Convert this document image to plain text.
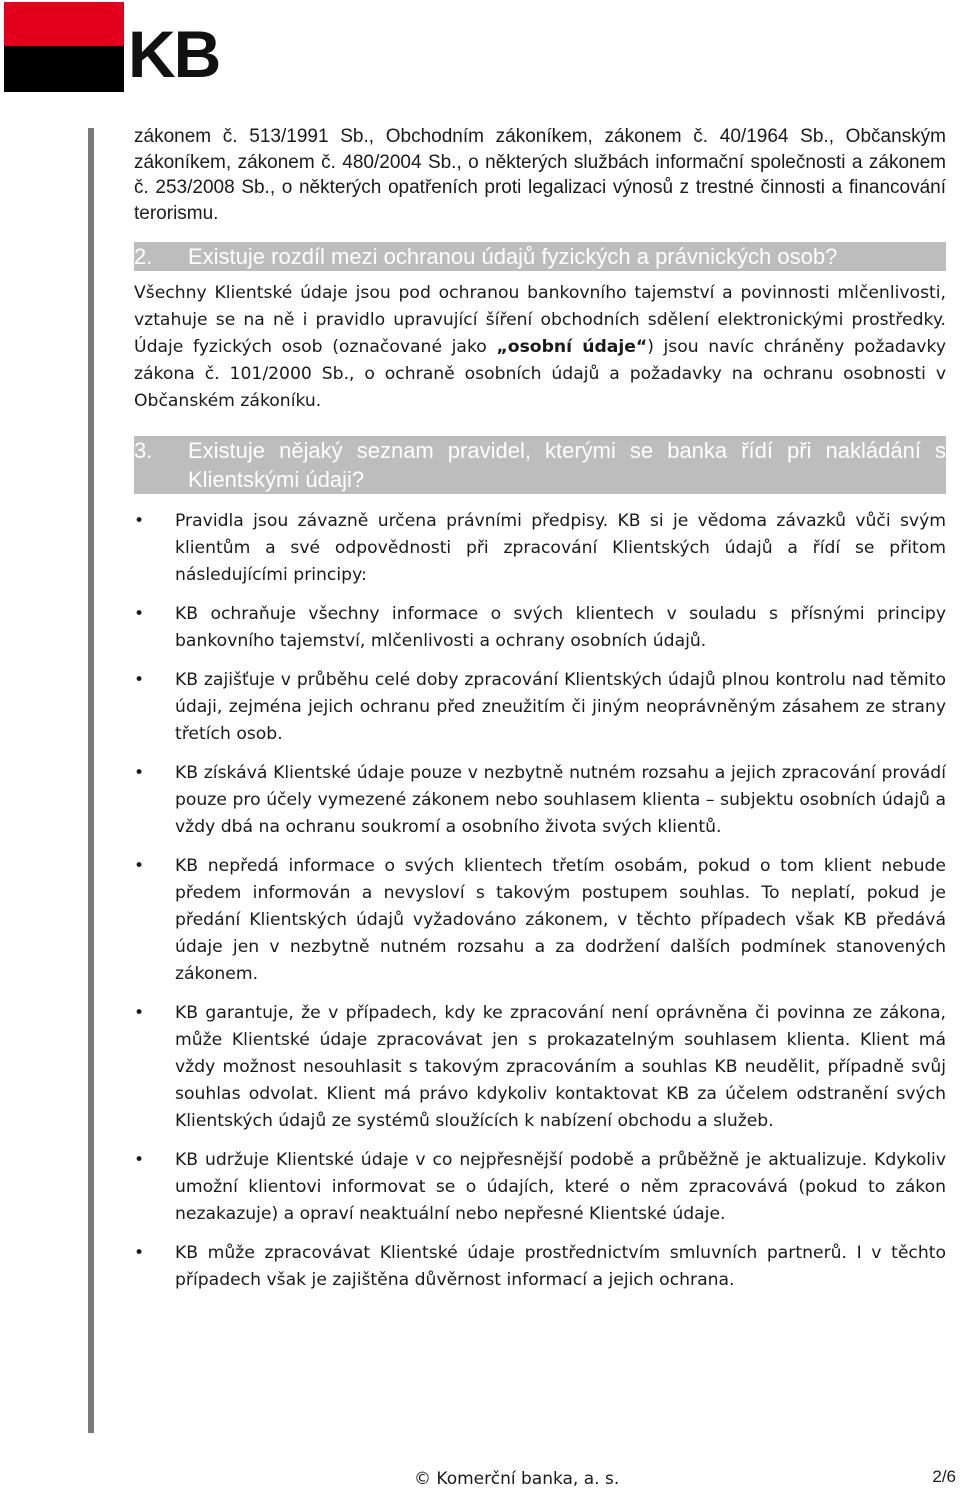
KB

zákonem č. 513/1991 Sb., Obchodním zákoníkem, zákonem č. 40/1964 Sb., Občanským zákoníkem, zákonem č. 480/2004 Sb., o některých službách informační společnosti a zákonem č. 253/2008 Sb., o některých opatřeních proti legalizaci výnosů z trestné činnosti a financování terorismu.

2. Existuje rozdíl mezi ochranou údajů fyzických a právnických osob?

Všechny Klientské údaje jsou pod ochranou bankovního tajemství a povinnosti mlčenlivosti, vztahuje se na ně i pravidlo upravující šíření obchodních sdělení elektronickými prostředky. Údaje fyzických osob (označované jako „osobní údaje“) jsou navíc chráněny požadavky zákona č. 101/2000 Sb., o ochraně osobních údajů a požadavky na ochranu osobnosti v Občanském zákoníku.

3. Existuje nějaký seznam pravidel, kterými se banka řídí při nakládání s Klientskými údaji?
•	Pravidla jsou závazně určena právními předpisy. KB si je vědoma závazků vůči svým klientům a své odpovědnosti při zpracování Klientských údajů a řídí se přitom následujícími principy:
•	KB ochraňuje všechny informace o svých klientech v souladu s přísnými principy bankovního tajemství, mlčenlivosti a ochrany osobních údajů.
•	KB zajišťuje v průběhu celé doby zpracování Klientských údajů plnou kontrolu nad těmito údaji, zejména jejich ochranu před zneužitím či jiným neoprávněným zásahem ze strany třetích osob.
•	KB získává Klientské údaje pouze v nezbytně nutném rozsahu a jejich zpracování provádí pouze pro účely vymezené zákonem nebo souhlasem klienta – subjektu osobních údajů a vždy dbá na ochranu soukromí a osobního života svých klientů.
•	KB nepředá informace o svých klientech třetím osobám, pokud o tom klient nebude předem informován a nevysloví s takovým postupem souhlas. To neplatí, pokud je předání Klientských údajů vyžadováno zákonem, v těchto případech však KB předává údaje jen v nezbytně nutném rozsahu a za dodržení dalších podmínek stanovených zákonem.
•	KB garantuje, že v případech, kdy ke zpracování není oprávněna či povinna ze zákona, může Klientské údaje zpracovávat jen s prokazatelným souhlasem klienta. Klient má vždy možnost nesouhlasit s takovým zpracováním a souhlas KB neudělit, případně svůj souhlas odvolat. Klient má právo kdykoliv kontaktovat KB za účelem odstranění svých Klientských údajů ze systémů sloužících k nabízení obchodu a služeb.
•	KB udržuje Klientské údaje v co nejpřesnější podobě a průběžně je aktualizuje. Kdykoliv umožní klientovi informovat se o údajích, které o něm zpracovává (pokud to zákon nezakazuje) a opraví neaktuální nebo nepřesné Klientské údaje.
•	KB může zpracovávat Klientské údaje prostřednictvím smluvních partnerů. I v těchto případech však je zajištěna důvěrnost informací a jejich ochrana.
© Komerční banka, a. s.	2/6
